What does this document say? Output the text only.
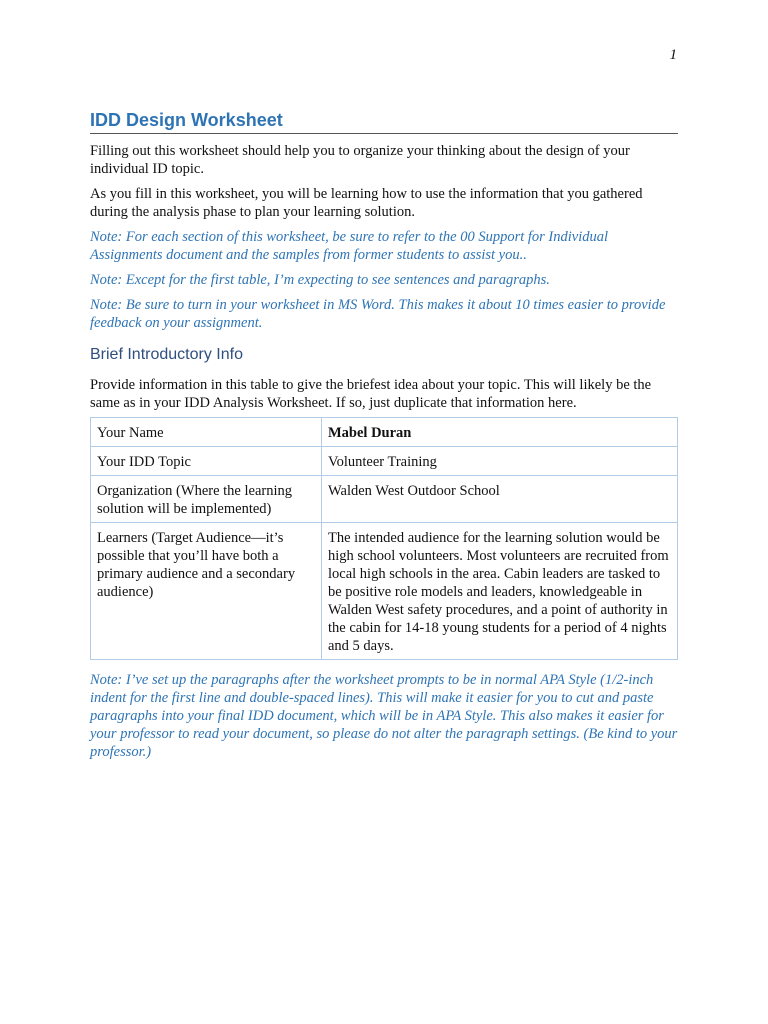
1
IDD Design Worksheet

Filling out this worksheet should help you to organize your thinking about the design of your individual ID topic.

As you fill in this worksheet, you will be learning how to use the information that you gathered during the analysis phase to plan your learning solution.

Note: For each section of this worksheet, be sure to refer to the 00 Support for Individual Assignments document and the samples from former students to assist you..

Note: Except for the first table, I’m expecting to see sentences and paragraphs.

Note: Be sure to turn in your worksheet in MS Word. This makes it about 10 times easier to provide feedback on your assignment.

Brief Introductory Info

Provide information in this table to give the briefest idea about your topic. This will likely be the same as in your IDD Analysis Worksheet. If so, just duplicate that information here.

Your Name	Mabel Duran
Your IDD Topic	Volunteer Training
Organization (Where the learning solution will be implemented)	Walden West Outdoor School
Learners (Target Audience—it’s possible that you’ll have both a primary audience and a secondary audience)	The intended audience for the learning solution would be high school volunteers. Most volunteers are recruited from local high schools in the area. Cabin leaders are tasked to be positive role models and leaders, knowledgeable in Walden West safety procedures, and a point of authority in the cabin for 14-18 young students for a period of 4 nights and 5 days.

Note: I’ve set up the paragraphs after the worksheet prompts to be in normal APA Style (1/2-inch indent for the first line and double-spaced lines). This will make it easier for you to cut and paste paragraphs into your final IDD document, which will be in APA Style. This also makes it easier for your professor to read your document, so please do not alter the paragraph settings. (Be kind to your professor.)
